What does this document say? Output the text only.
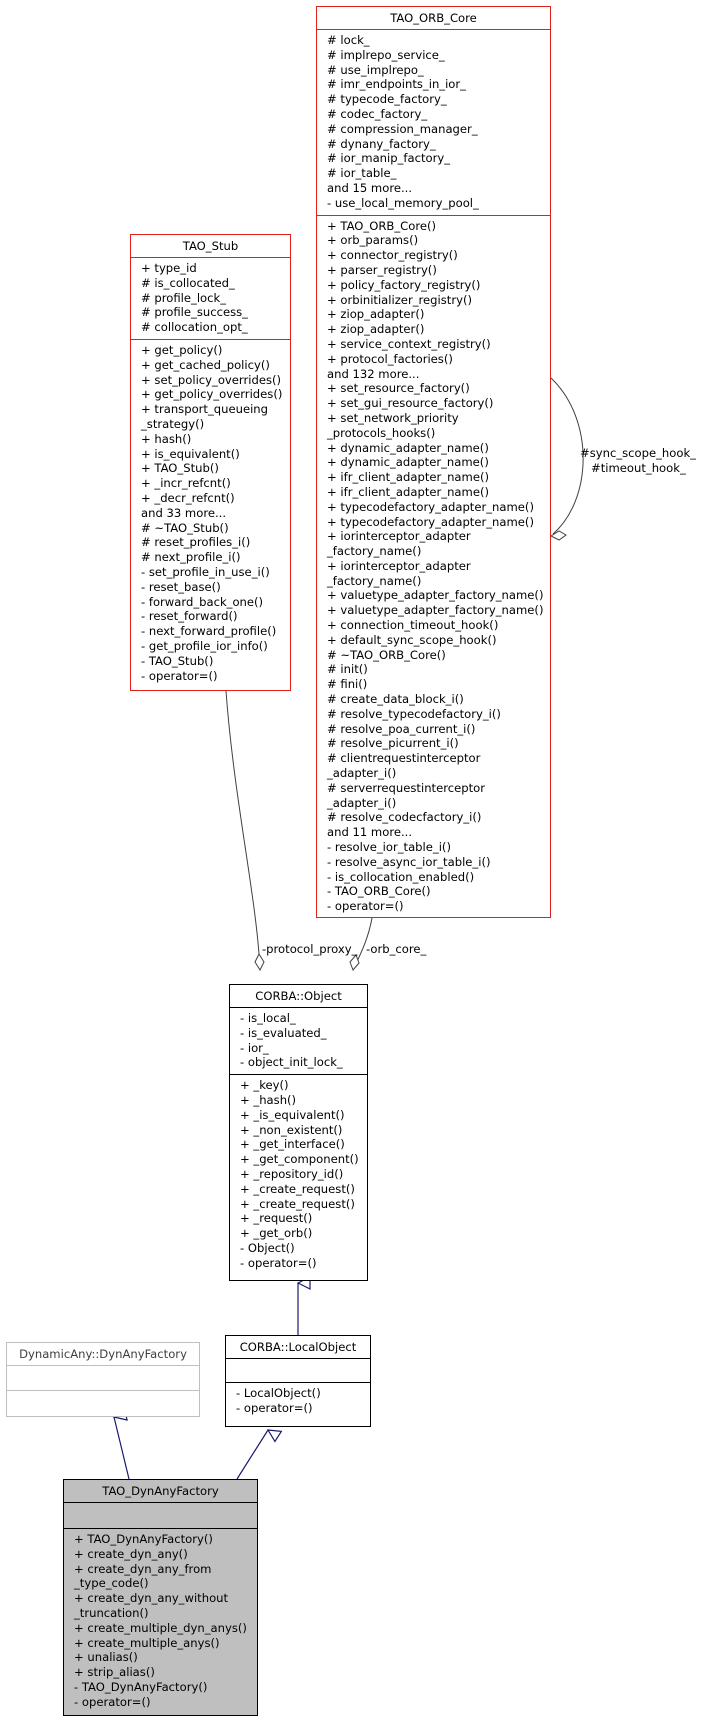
-protocol_proxy_ -orb_core_
#sync_scope_hook_
#timeout_hook_
TAO_ORB_Core
# lock_
# implrepo_service_
# use_implrepo_
# imr_endpoints_in_ior_
# typecode_factory_
# codec_factory_
# compression_manager_
# dynany_factory_
# ior_manip_factory_
# ior_table_
and 15 more...
- use_local_memory_pool_
+ TAO_ORB_Core()
+ orb_params()
+ connector_registry()
+ parser_registry()
+ policy_factory_registry()
+ orbinitializer_registry()
+ ziop_adapter()
+ ziop_adapter()
+ service_context_registry()
+ protocol_factories()
and 132 more...
+ set_resource_factory()
+ set_gui_resource_factory()
+ set_network_priority
_protocols_hooks()
+ dynamic_adapter_name()
+ dynamic_adapter_name()
+ ifr_client_adapter_name()
+ ifr_client_adapter_name()
+ typecodefactory_adapter_name()
+ typecodefactory_adapter_name()
+ iorinterceptor_adapter
_factory_name()
+ iorinterceptor_adapter
_factory_name()
+ valuetype_adapter_factory_name()
+ valuetype_adapter_factory_name()
+ connection_timeout_hook()
+ default_sync_scope_hook()
# ~TAO_ORB_Core()
# init()
# fini()
# create_data_block_i()
# resolve_typecodefactory_i()
# resolve_poa_current_i()
# resolve_picurrent_i()
# clientrequestinterceptor
_adapter_i()
# serverrequestinterceptor
_adapter_i()
# resolve_codecfactory_i()
and 11 more...
- resolve_ior_table_i()
- resolve_async_ior_table_i()
- is_collocation_enabled()
- TAO_ORB_Core()
- operator=()
TAO_Stub
+ type_id
# is_collocated_
# profile_lock_
# profile_success_
# collocation_opt_
+ get_policy()
+ get_cached_policy()
+ set_policy_overrides()
+ get_policy_overrides()
+ transport_queueing
_strategy()
+ hash()
+ is_equivalent()
+ TAO_Stub()
+ _incr_refcnt()
+ _decr_refcnt()
and 33 more...
# ~TAO_Stub()
# reset_profiles_i()
# next_profile_i()
- set_profile_in_use_i()
- reset_base()
- forward_back_one()
- reset_forward()
- next_forward_profile()
- get_profile_ior_info()
- TAO_Stub()
- operator=()
CORBA::Object
- is_local_
- is_evaluated_
- ior_
- object_init_lock_
+ _key()
+ _hash()
+ _is_equivalent()
+ _non_existent()
+ _get_interface()
+ _get_component()
+ _repository_id()
+ _create_request()
+ _create_request()
+ _request()
+ _get_orb()
- Object()
- operator=()
CORBA::LocalObject
- LocalObject()
- operator=()
DynamicAny::DynAnyFactory
TAO_DynAnyFactory
+ TAO_DynAnyFactory()
+ create_dyn_any()
+ create_dyn_any_from
_type_code()
+ create_dyn_any_without
_truncation()
+ create_multiple_dyn_anys()
+ create_multiple_anys()
+ unalias()
+ strip_alias()
- TAO_DynAnyFactory()
- operator=()
